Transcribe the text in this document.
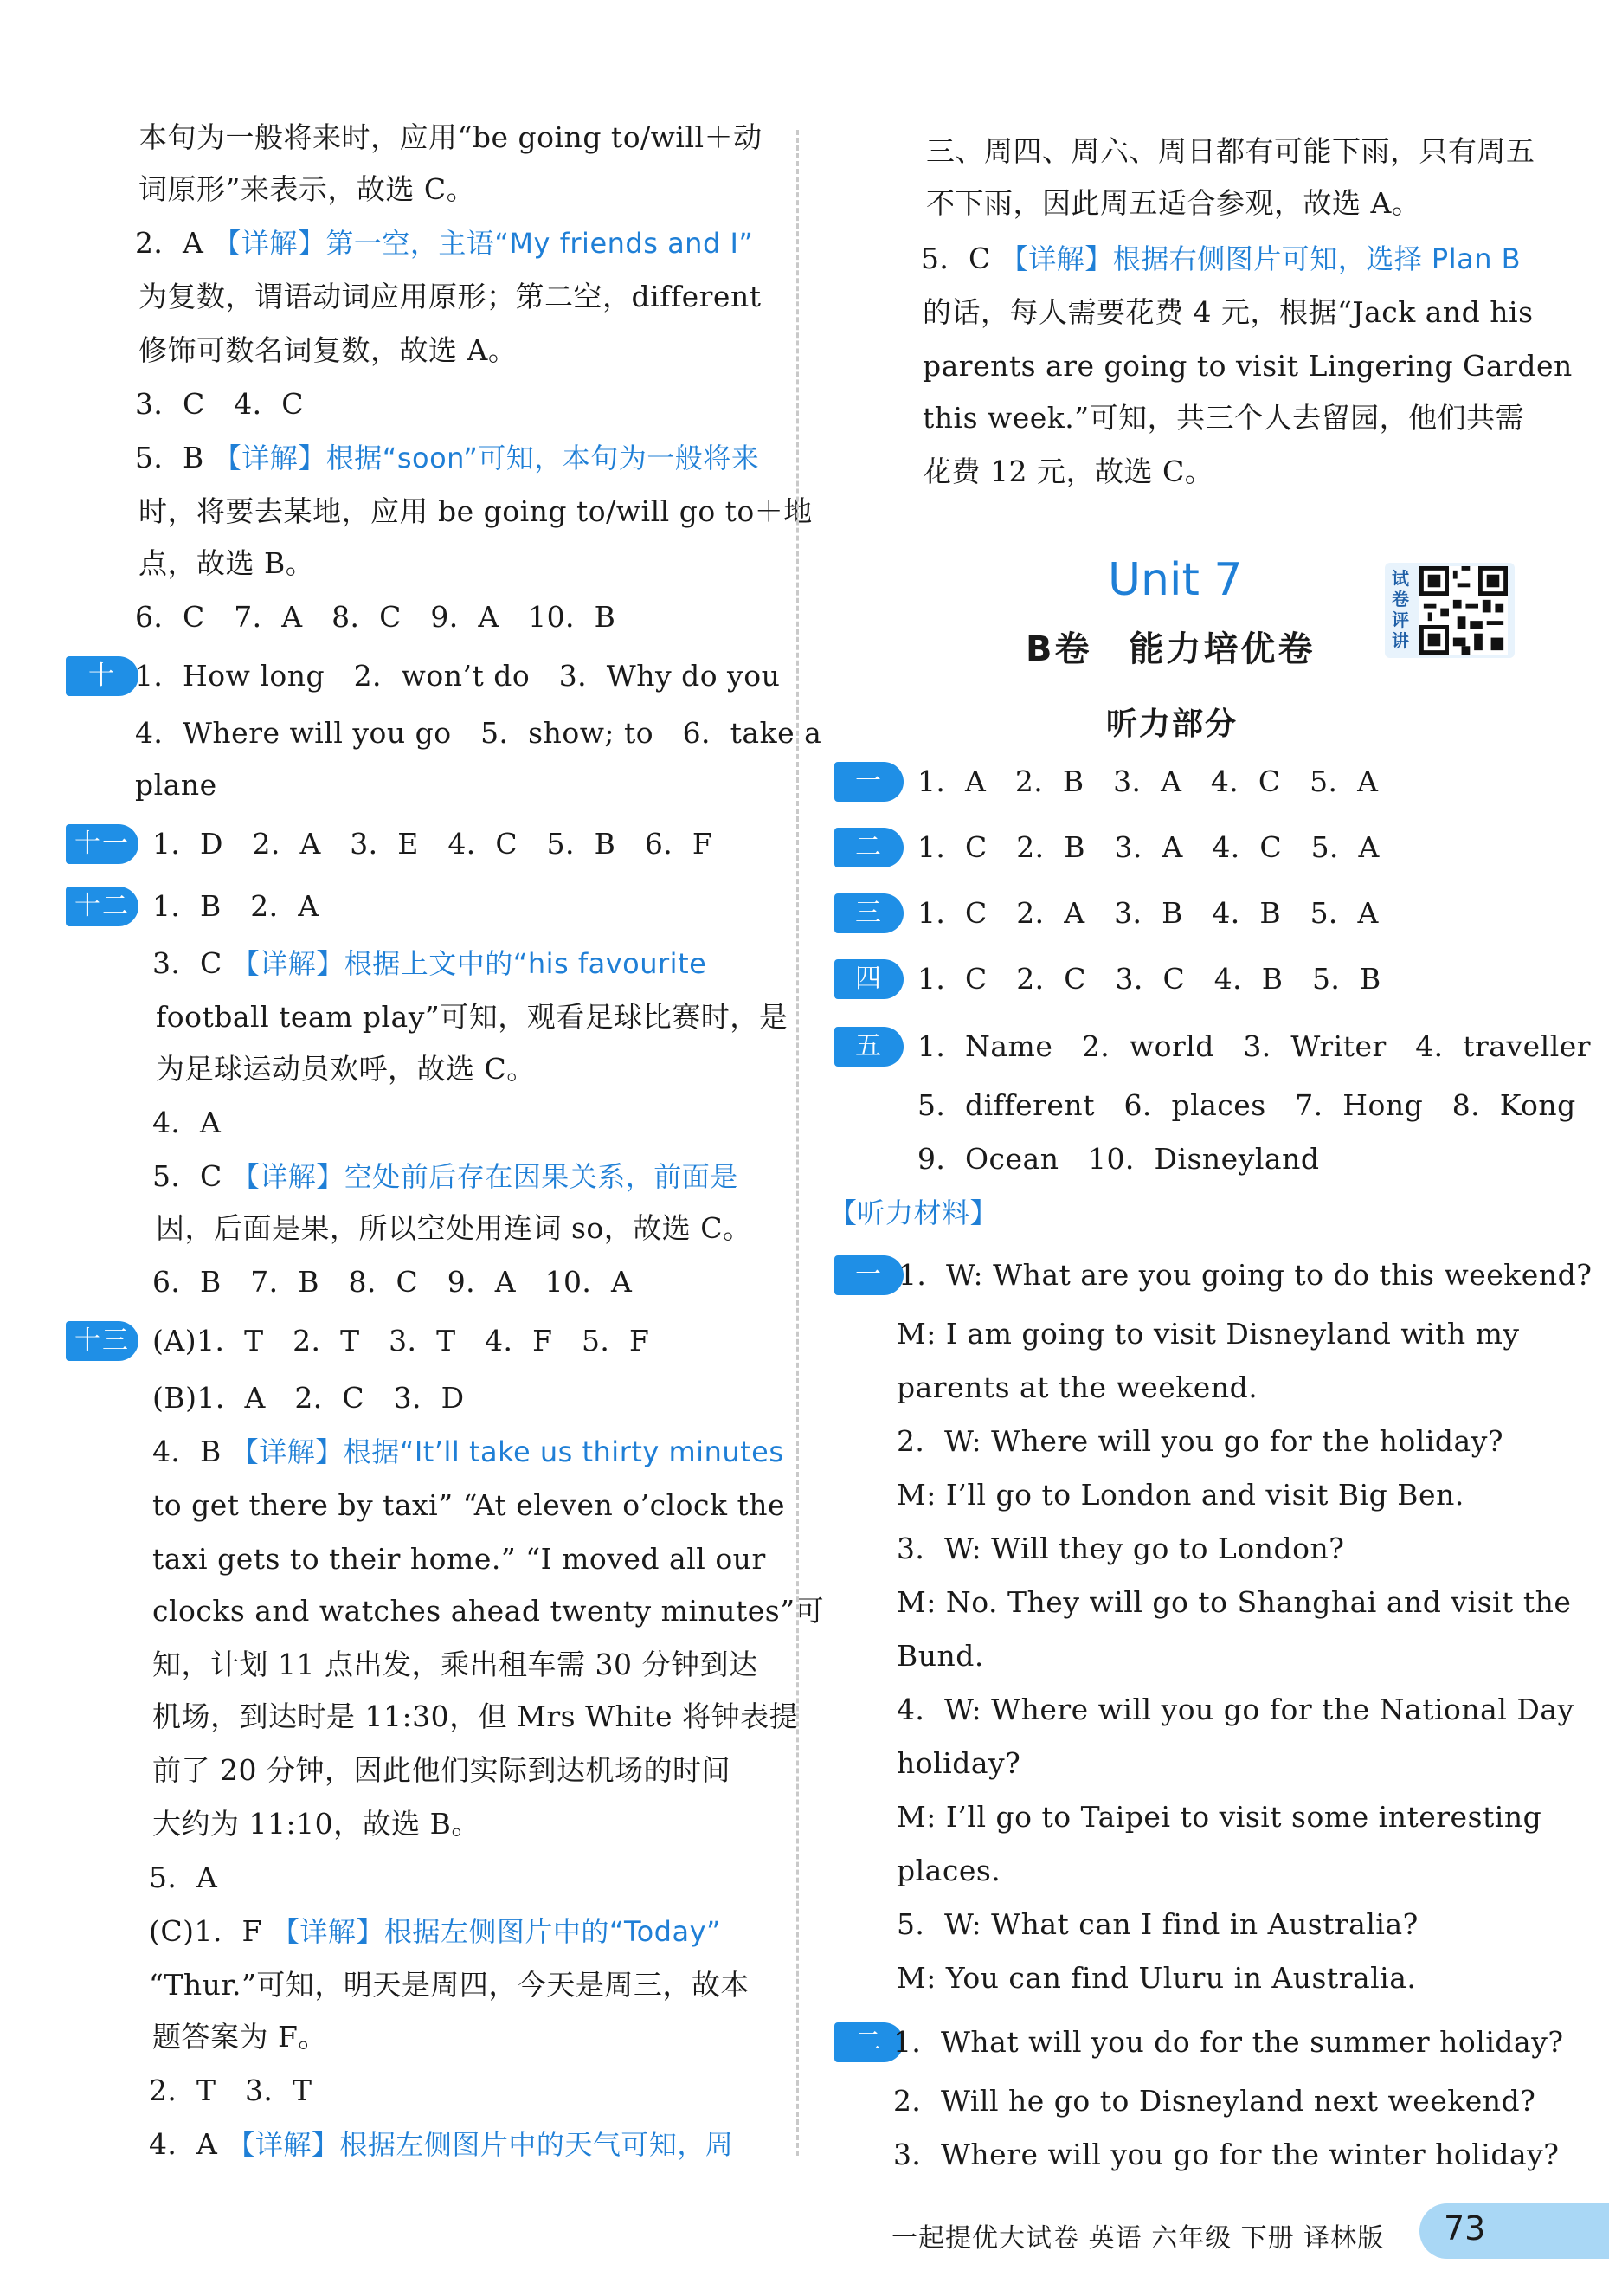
本句为一般将来时，应用“be going to/will＋动
词原形”来表示，故选 C。
2．A 【详解】第一空，主语“My friends and I”
为复数，谓语动词应用原形；第二空，different
修饰可数名词复数，故选 A。
3．C　4．C
5．B 【详解】根据“soon”可知，本句为一般将来
时，将要去某地，应用 be going to/will go to＋地
点，故选 B。
6．C　7．A　8．C　9．A　10．B
十 1．How long　2．won’t do　3．Why do you
4．Where will you go　5．show; to　6．take a
plane
十一 1．D　2．A　3．E　4．C　5．B　6．F
十二 1．B　2．A
3．C 【详解】根据上文中的“his favourite
football team play”可知，观看足球比赛时，是
为足球运动员欢呼，故选 C。
4．A
5．C 【详解】空处前后存在因果关系，前面是
因，后面是果，所以空处用连词 so，故选 C。
6．B　7．B　8．C　9．A　10．A
十三 (A)1．T　2．T　3．T　4．F　5．F
(B)1．A　2．C　3．D
4．B 【详解】根据“It’ll take us thirty minutes
to get there by taxi” “At eleven o’clock the
taxi gets to their home.” “I moved all our
clocks and watches ahead twenty minutes”可
知，计划 11 点出发，乘出租车需 30 分钟到达
机场，到达时是 11:30，但 Mrs White 将钟表提
前了 20 分钟，因此他们实际到达机场的时间
大约为 11:10，故选 B。
5．A
(C)1．F 【详解】根据左侧图片中的“Today”
“Thur.”可知，明天是周四，今天是周三，故本
题答案为 F。
2．T　3．T
4．A 【详解】根据左侧图片中的天气可知，周
三、周四、周六、周日都有可能下雨，只有周五
不下雨，因此周五适合参观，故选 A。
5．C 【详解】根据右侧图片可知，选择 Plan B
的话，每人需要花费 4 元，根据“Jack and his
parents are going to visit Lingering Garden
this week.”可知，共三个人去留园，他们共需
花费 12 元，故选 C。
Unit 7
B卷　能力培优卷
试卷评讲
听力部分
一	1．A　2．B　3．A　4．C　5．A
二	1．C　2．B　3．A　4．C　5．A
三	1．C　2．A　3．B　4．B　5．A
四	1．C　2．C　3．C　4．B　5．B
五	1．Name　2．world　3．Writer　4．traveller
5．different　6．places　7．Hong　8．Kong
9．Ocean　10．Disneyland
【听力材料】
一 1．W: What are you going to do this weekend?
M: I am going to visit Disneyland with my
parents at the weekend.
2．W: Where will you go for the holiday?
M: I’ll go to London and visit Big Ben.
3．W: Will they go to London?
M: No. They will go to Shanghai and visit the
Bund.
4．W: Where will you go for the National Day
holiday?
M: I’ll go to Taipei to visit some interesting
places.
5．W: What can I find in Australia?
M: You can find Uluru in Australia.
二 1．What will you do for the summer holiday?
2．Will he go to Disneyland next weekend?
3．Where will you go for the winter holiday?
一起提优大试卷 英语 六年级 下册 译林版 73
